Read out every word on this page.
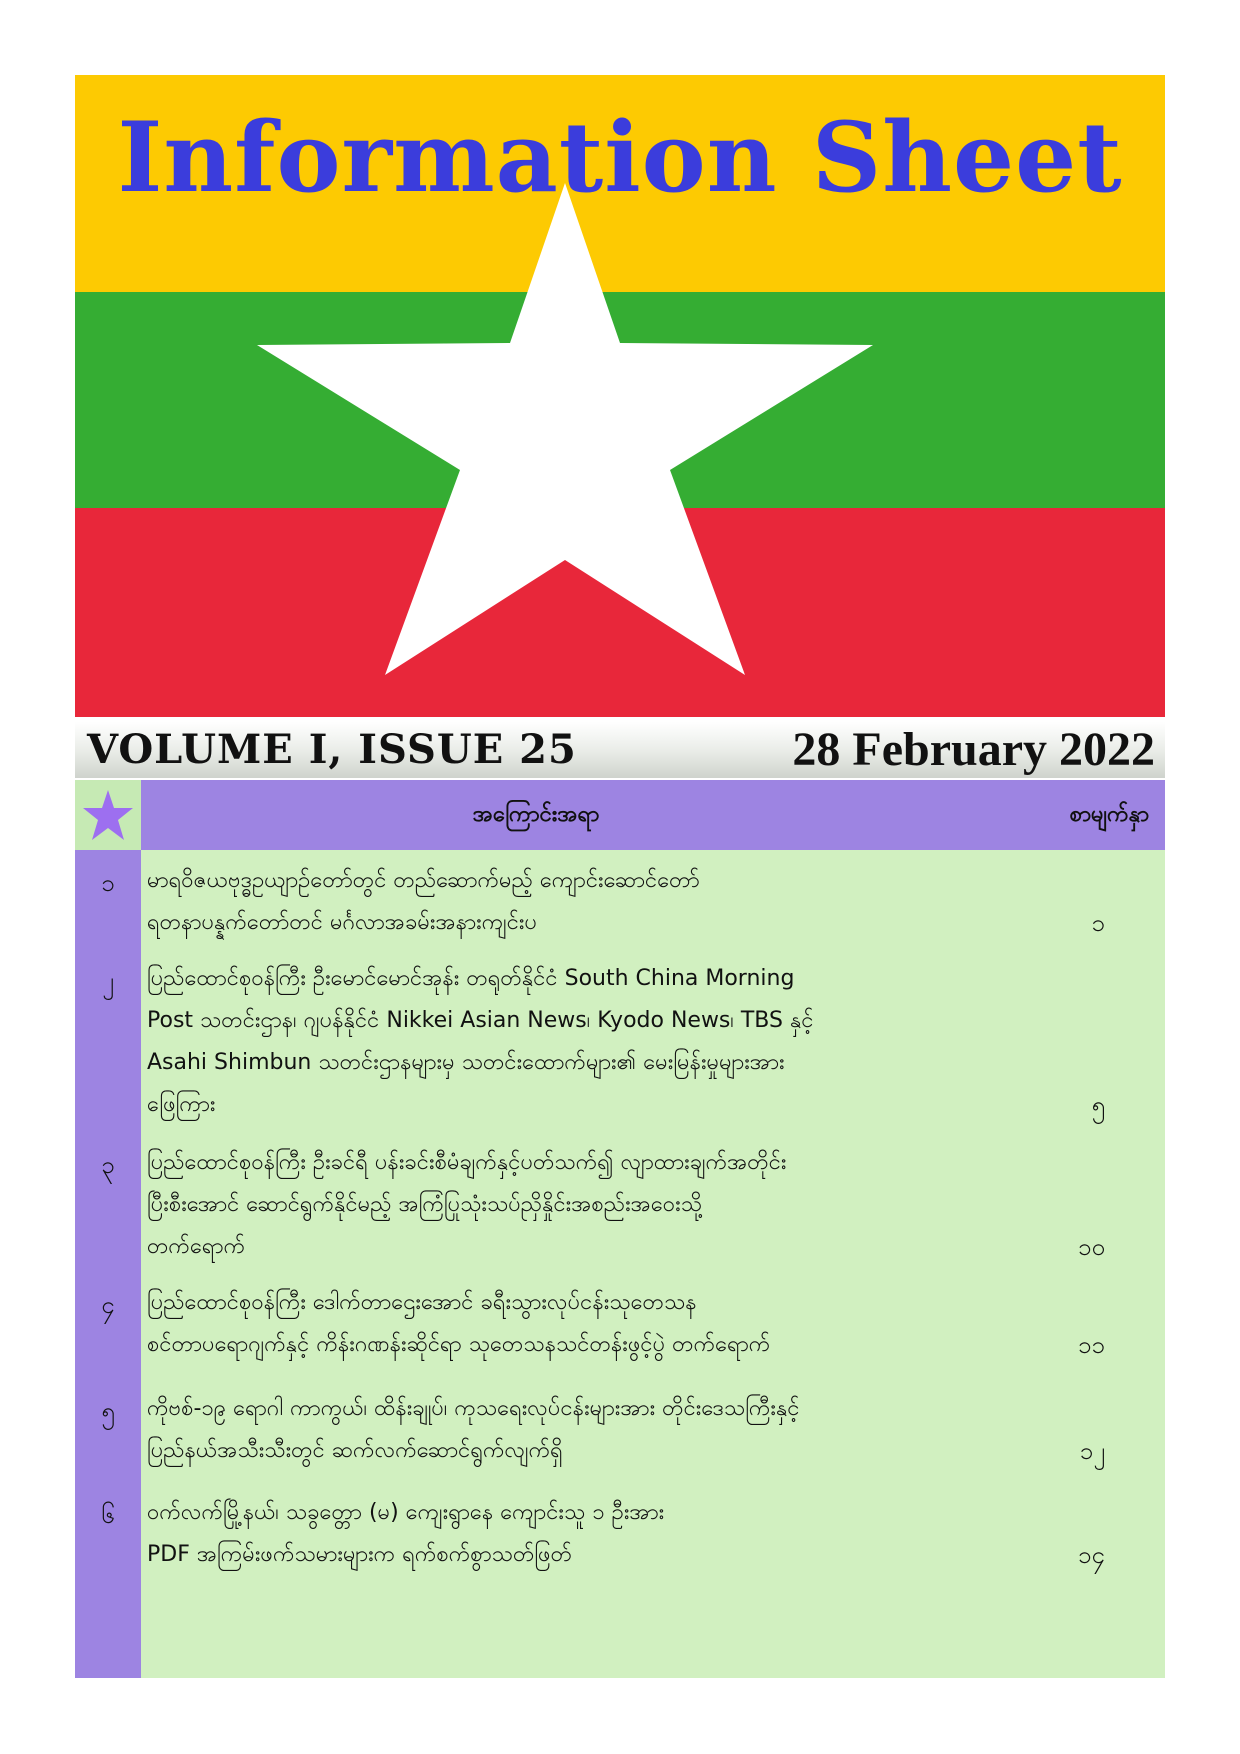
Information Sheet
VOLUME I, ISSUE 25	28 February 2022
အကြောင်းအရာ	စာမျက်နှာ
၁	မာရဝိဇယဗုဒ္ဓဥယျာဉ်တော်တွင် တည်ဆောက်မည့် ကျောင်းဆောင်တော်
ရတနာပန္နက်တော်တင် မင်္ဂလာအခမ်းအနားကျင်းပ	၁
၂	ပြည်ထောင်စုဝန်ကြီး ဦးမောင်မောင်အုန်း တရုတ်နိုင်ငံ South China Morning
Post သတင်းဌာန၊ ဂျပန်နိုင်ငံ Nikkei Asian News၊ Kyodo News၊ TBS နှင့်
Asahi Shimbun သတင်းဌာနများမှ သတင်းထောက်များ၏ မေးမြန်းမှုများအား
ဖြေကြား	၅
၃	ပြည်ထောင်စုဝန်ကြီး ဦးခင်ရီ ပန်းခင်းစီမံချက်နှင့်ပတ်သက်၍ လျာထားချက်အတိုင်း
ပြီးစီးအောင် ဆောင်ရွက်နိုင်မည့် အကြံပြုသုံးသပ်ညှိနှိုင်းအစည်းအဝေးသို့
တက်ရောက်	၁၀
၄	ပြည်ထောင်စုဝန်ကြီး ဒေါက်တာဌေးအောင် ခရီးသွားလုပ်ငန်းသုတေသန
စင်တာပရောဂျက်နှင့် ကိန်းဂဏန်းဆိုင်ရာ သုတေသနသင်တန်းဖွင့်ပွဲ တက်ရောက်	၁၁
၅	ကိုဗစ်-၁၉ ရောဂါ ကာကွယ်၊ ထိန်းချုပ်၊ ကုသရေးလုပ်ငန်းများအား တိုင်းဒေသကြီးနှင့်
ပြည်နယ်အသီးသီးတွင် ဆက်လက်ဆောင်ရွက်လျက်ရှိ	၁၂
၆	ဝက်လက်မြို့နယ်၊ သခွတ္တော (မ) ကျေးရွာနေ ကျောင်းသူ ၁ ဦးအား
PDF အကြမ်းဖက်သမားများက ရက်စက်စွာသတ်ဖြတ်	၁၄
